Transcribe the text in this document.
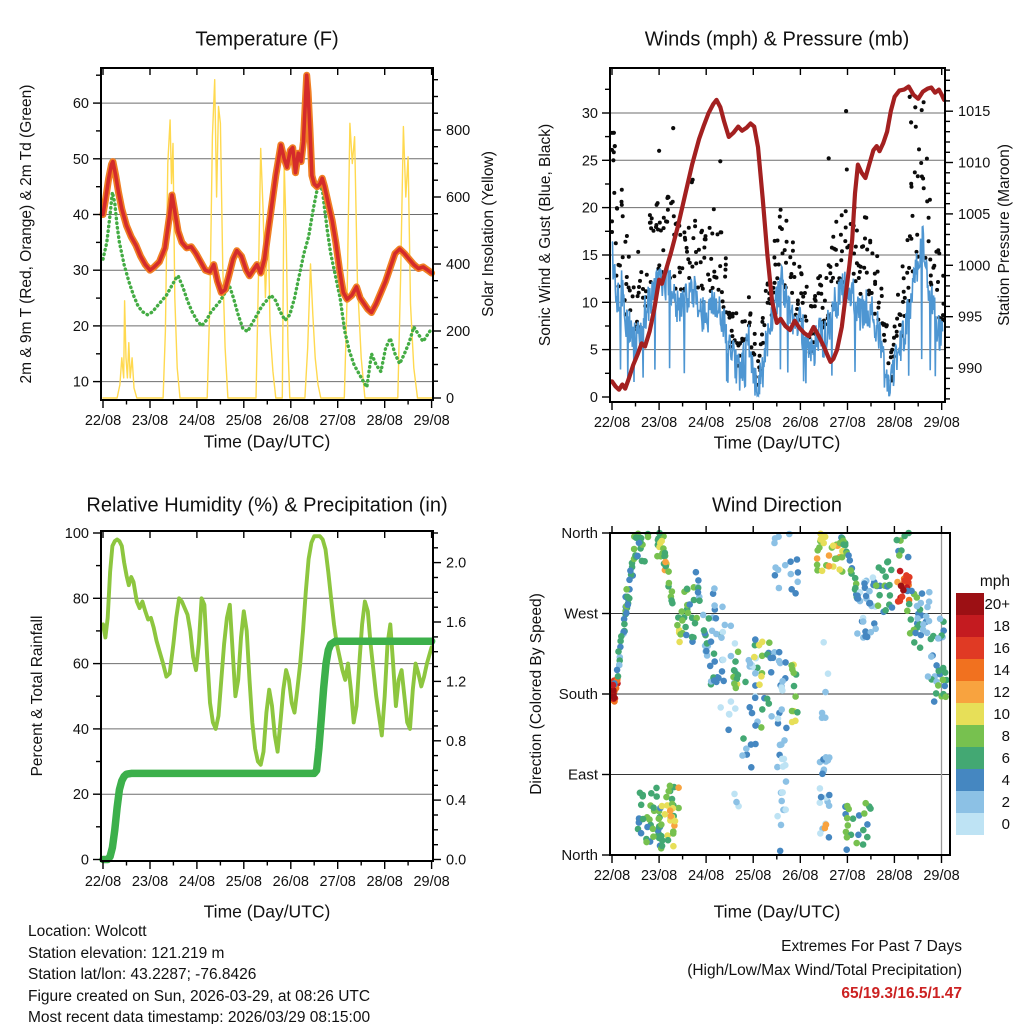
22/08 23/08 24/08 25/08 26/08 27/08 28/08 29/08
10
20
30
40
50
60
0
200
400
600
800
22/08 23/08 24/08 25/08 26/08 27/08 28/08 29/08
0
5
10
15
20
25
30
990
995
1000
1005
1010
1015
22/08 23/08 24/08 25/08 26/08 27/08 28/08 29/08
0
20
40
60
80
100
0.0
0.4
0.8
1.2
1.6
2.0
22/08 23/08 24/08 25/08 26/08 27/08 28/08 29/08
North
East
South
West
North
mph
20+
18
16
14
12
10
8
6
4
2
0
Temperature (F)	Winds (mph) & Pressure (mb)
Relative Humidity (%) & Precipitation (in)	Wind Direction
Time (Day/UTC)	Time (Day/UTC)
Time (Day/UTC)	Time (Day/UTC)
2m & 9m T (Red, Orange) & 2m Td (Green)	Solar Insolation (Yellow)	Sonic Wind & Gust (Blue, Black)	Station Pressure (Maroon)
Percent & Total Rainfall	Direction (Colored By Speed)
Location: Wolcott
Station elevation: 121.219 m
Station lat/lon: 43.2287; -76.8426
Figure created on Sun, 2026-03-29, at 08:26 UTC
Most recent data timestamp: 2026/03/29 08:15:00
Extremes For Past 7 Days
(High/Low/Max Wind/Total Precipitation)
65/19.3/16.5/1.47
